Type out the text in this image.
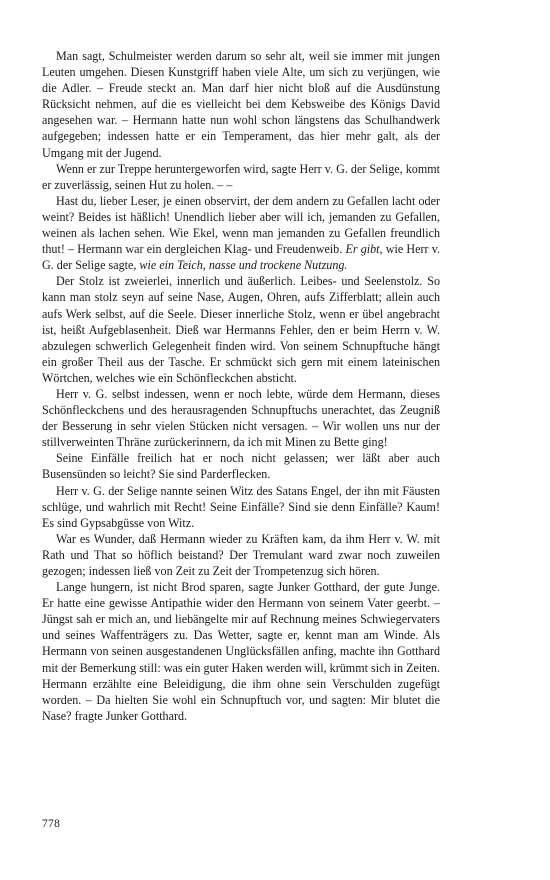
Man sagt, Schulmeister werden darum so sehr alt, weil sie immer mit jungen Leuten umgehen. Diesen Kunstgriff haben viele Alte, um sich zu verjüngen, wie die Adler. – Freude steckt an. Man darf hier nicht bloß auf die Ausdünstung Rücksicht nehmen, auf die es vielleicht bei dem Kebsweibe des Königs David angesehen war. – Hermann hatte nun wohl schon längstens das Schulhandwerk aufgegeben; indessen hatte er ein Temperament, das hier mehr galt, als der Umgang mit der Jugend.

Wenn er zur Treppe heruntergeworfen wird, sagte Herr v. G. der Selige, kommt er zuverlässig, seinen Hut zu holen. – –

Hast du, lieber Leser, je einen observirt, der dem andern zu Gefallen lacht oder weint? Beides ist häßlich! Unendlich lieber aber will ich, jemanden zu Gefallen, weinen als lachen sehen. Wie Ekel, wenn man jemanden zu Gefallen freundlich thut! – Hermann war ein dergleichen Klag- und Freudenweib. Er gibt, wie Herr v. G. der Selige sagte, wie ein Teich, nasse und trockene Nutzung.

Der Stolz ist zweierlei, innerlich und äußerlich. Leibes- und Seelenstolz. So kann man stolz seyn auf seine Nase, Augen, Ohren, aufs Zifferblatt; allein auch aufs Werk selbst, auf die Seele. Dieser innerliche Stolz, wenn er übel angebracht ist, heißt Aufgeblasenheit. Dieß war Hermanns Fehler, den er beim Herrn v. W. abzulegen schwerlich Gelegenheit finden wird. Von seinem Schnupftuche hängt ein großer Theil aus der Tasche. Er schmückt sich gern mit einem lateinischen Wörtchen, welches wie ein Schönfleckchen absticht.

Herr v. G. selbst indessen, wenn er noch lebte, würde dem Hermann, dieses Schönfleckchens und des herausragenden Schnupftuchs unerachtet, das Zeugniß der Besserung in sehr vielen Stücken nicht versagen. – Wir wollen uns nur der stillverweinten Thräne zurückerinnern, da ich mit Minen zu Bette ging!

Seine Einfälle freilich hat er noch nicht gelassen; wer läßt aber auch Busensünden so leicht? Sie sind Parderflecken.

Herr v. G. der Selige nannte seinen Witz des Satans Engel, der ihn mit Fäusten schlüge, und wahrlich mit Recht! Seine Einfälle? Sind sie denn Einfälle? Kaum! Es sind Gypsabgüsse von Witz.

War es Wunder, daß Hermann wieder zu Kräften kam, da ihm Herr v. W. mit Rath und That so höflich beistand? Der Tremulant ward zwar noch zuweilen gezogen; indessen ließ von Zeit zu Zeit der Trompetenzug sich hören.

Lange hungern, ist nicht Brod sparen, sagte Junker Gotthard, der gute Junge. Er hatte eine gewisse Antipathie wider den Hermann von seinem Vater geerbt. – Jüngst sah er mich an, und liebängelte mir auf Rechnung meines Schwiegervaters und seines Waffenträgers zu. Das Wetter, sagte er, kennt man am Winde. Als Hermann von seinen ausgestandenen Unglücksfällen anfing, machte ihn Gotthard mit der Bemerkung still: was ein guter Haken werden will, krümmt sich in Zeiten. Hermann erzählte eine Beleidigung, die ihm ohne sein Verschulden zugefügt worden. – Da hielten Sie wohl ein Schnupftuch vor, und sagten: Mir blutet die Nase? fragte Junker Gotthard.

778
